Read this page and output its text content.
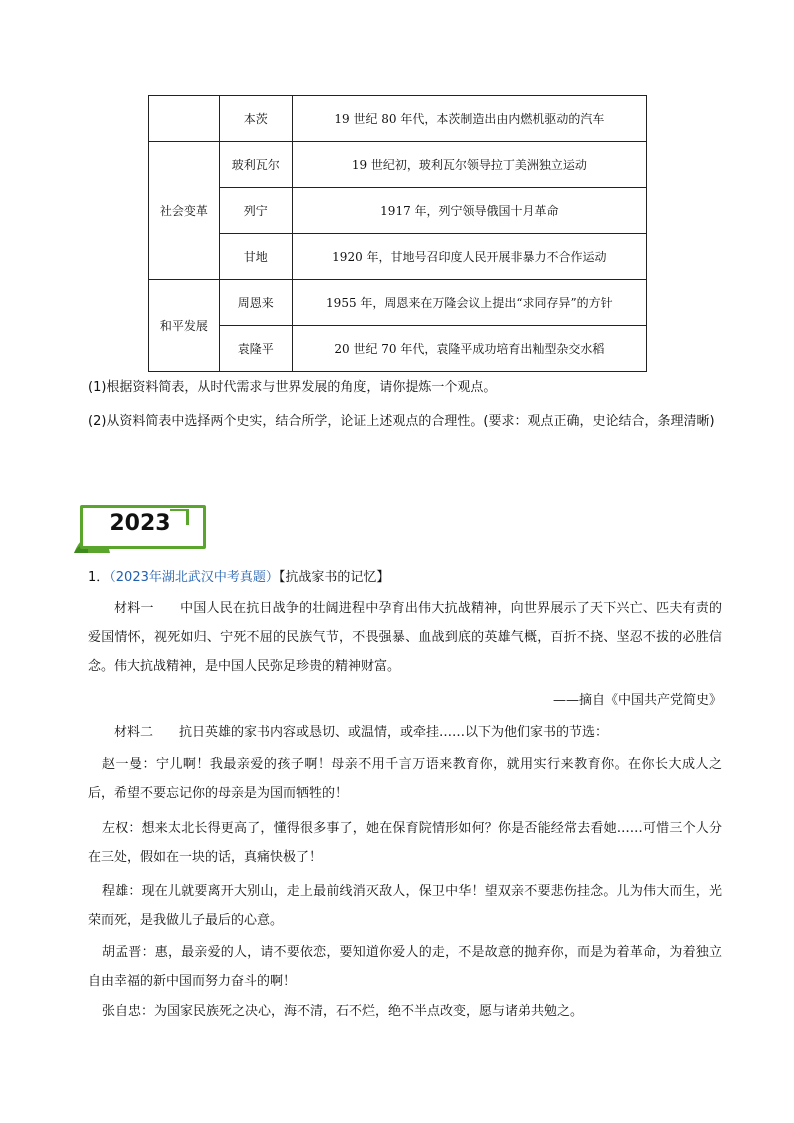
	本茨	19 世纪 80 年代，本茨制造出由内燃机驱动的汽车
社会变革	玻利瓦尔	19 世纪初，玻利瓦尔领导拉丁美洲独立运动
	列宁	1917 年，列宁领导俄国十月革命
	甘地	1920 年，甘地号召印度人民开展非暴力不合作运动
和平发展	周恩来	1955 年，周恩来在万隆会议上提出“求同存异”的方针
	袁隆平	20 世纪 70 年代，袁隆平成功培育出籼型杂交水稻
(1)根据资料简表，从时代需求与世界发展的角度，请你提炼一个观点。
(2)从资料简表中选择两个史实，结合所学，论证上述观点的合理性。(要求：观点正确，史论结合，条理清晰)
2023
1．（2023年湖北武汉中考真题）【抗战家书的记忆】
材料一　　中国人民在抗日战争的壮阔进程中孕育出伟大抗战精神，向世界展示了天下兴亡、匹夫有责的爱国情怀，视死如归、宁死不屈的民族气节，不畏强暴、血战到底的英雄气概，百折不挠、坚忍不拔的必胜信念。伟大抗战精神，是中国人民弥足珍贵的精神财富。
——摘自《中国共产党简史》
材料二　　抗日英雄的家书内容或恳切、或温情，或牵挂……以下为他们家书的节选：
赵一曼：宁儿啊！我最亲爱的孩子啊！母亲不用千言万语来教育你，就用实行来教育你。在你长大成人之后，希望不要忘记你的母亲是为国而牺牲的！
左权：想来太北长得更高了，懂得很多事了，她在保育院情形如何？你是否能经常去看她……可惜三个人分在三处，假如在一块的话，真痛快极了！
程雄：现在儿就要离开大别山，走上最前线消灭敌人，保卫中华！望双亲不要悲伤挂念。儿为伟大而生，光荣而死，是我做儿子最后的心意。
胡孟晋：惠，最亲爱的人，请不要依恋，要知道你爱人的走，不是故意的抛弃你，而是为着革命，为着独立自由幸福的新中国而努力奋斗的啊！
张自忠：为国家民族死之决心，海不清，石不烂，绝不半点改变，愿与诸弟共勉之。
